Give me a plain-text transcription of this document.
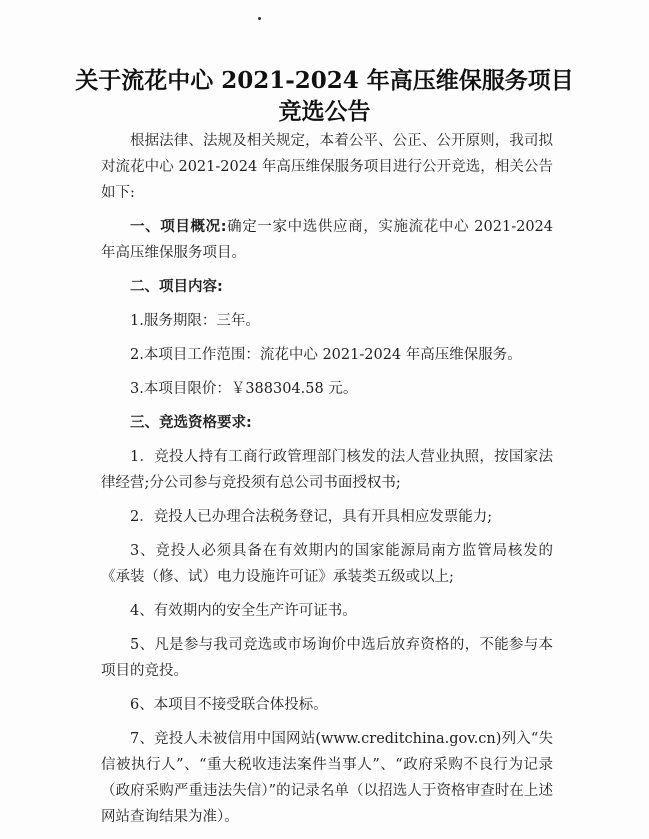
关于流花中心 2021-2024 年高压维保服务项目
竞选公告

根据法律、法规及相关规定，本着公平、公正、公开原则，我司拟对流花中心 2021-2024 年高压维保服务项目进行公开竞选，相关公告如下:

一、项目概况:确定一家中选供应商，实施流花中心 2021-2024 年高压维保服务项目。

二、项目内容:

1.服务期限：三年。

2.本项目工作范围：流花中心 2021-2024 年高压维保服务。

3.本项目限价：￥388304.58 元。

三、竞选资格要求:

1．竞投人持有工商行政管理部门核发的法人营业执照，按国家法律经营;分公司参与竞投须有总公司书面授权书;

2．竞投人已办理合法税务登记，具有开具相应发票能力;

3、竞投人必须具备在有效期内的国家能源局南方监管局核发的《承装（修、试）电力设施许可证》承装类五级或以上;

4、有效期内的安全生产许可证书。

5、凡是参与我司竞选或市场询价中选后放弃资格的，不能参与本项目的竞投。

6、本项目不接受联合体投标。

7、竞投人未被信用中国网站(www.creditchina.gov.cn)列入“失信被执行人”、“重大税收违法案件当事人”、“政府采购不良行为记录（政府采购严重违法失信）”的记录名单（以招选人于资格审查时在上述网站查询结果为准）。
